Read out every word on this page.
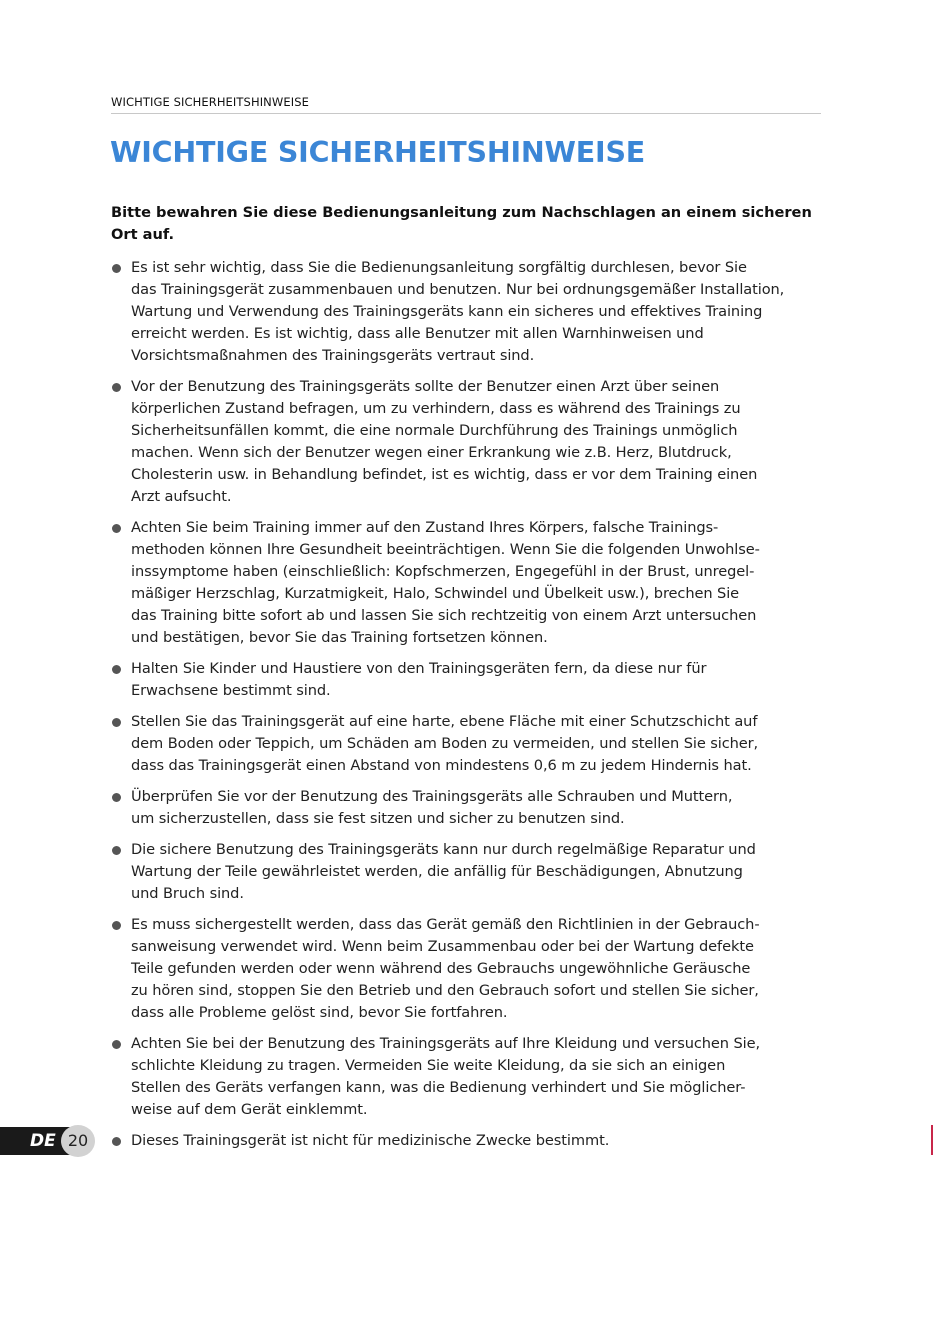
WICHTIGE SICHERHEITSHINWEISE
WICHTIGE SICHERHEITSHINWEISE

Bitte bewahren Sie diese Bedienungsanleitung zum Nachschlagen an einem sicheren
Ort auf.

Es ist sehr wichtig, dass Sie die Bedienungsanleitung sorgfältig durchlesen, bevor Sie
das Trainingsgerät zusammenbauen und benutzen. Nur bei ordnungsgemäßer Installation,
Wartung und Verwendung des Trainingsgeräts kann ein sicheres und effektives Training
erreicht werden. Es ist wichtig, dass alle Benutzer mit allen Warnhinweisen und
Vorsichtsmaßnahmen des Trainingsgeräts vertraut sind.
Vor der Benutzung des Trainingsgeräts sollte der Benutzer einen Arzt über seinen
körperlichen Zustand befragen, um zu verhindern, dass es während des Trainings zu
Sicherheitsunfällen kommt, die eine normale Durchführung des Trainings unmöglich
machen. Wenn sich der Benutzer wegen einer Erkrankung wie z.B. Herz, Blutdruck,
Cholesterin usw. in Behandlung befindet, ist es wichtig, dass er vor dem Training einen
Arzt aufsucht.
Achten Sie beim Training immer auf den Zustand Ihres Körpers, falsche Trainings-
methoden können Ihre Gesundheit beeinträchtigen. Wenn Sie die folgenden Unwohlse-
inssymptome haben (einschließlich: Kopfschmerzen, Engegefühl in der Brust, unregel-
mäßiger Herzschlag, Kurzatmigkeit, Halo, Schwindel und Übelkeit usw.), brechen Sie
das Training bitte sofort ab und lassen Sie sich rechtzeitig von einem Arzt untersuchen
und bestätigen, bevor Sie das Training fortsetzen können.
Halten Sie Kinder und Haustiere von den Trainingsgeräten fern, da diese nur für
Erwachsene bestimmt sind.
Stellen Sie das Trainingsgerät auf eine harte, ebene Fläche mit einer Schutzschicht auf
dem Boden oder Teppich, um Schäden am Boden zu vermeiden, und stellen Sie sicher,
dass das Trainingsgerät einen Abstand von mindestens 0,6 m zu jedem Hindernis hat.
Überprüfen Sie vor der Benutzung des Trainingsgeräts alle Schrauben und Muttern,
um sicherzustellen, dass sie fest sitzen und sicher zu benutzen sind.
Die sichere Benutzung des Trainingsgeräts kann nur durch regelmäßige Reparatur und
Wartung der Teile gewährleistet werden, die anfällig für Beschädigungen, Abnutzung
und Bruch sind.
Es muss sichergestellt werden, dass das Gerät gemäß den Richtlinien in der Gebrauch-
sanweisung verwendet wird. Wenn beim Zusammenbau oder bei der Wartung defekte
Teile gefunden werden oder wenn während des Gebrauchs ungewöhnliche Geräusche
zu hören sind, stoppen Sie den Betrieb und den Gebrauch sofort und stellen Sie sicher,
dass alle Probleme gelöst sind, bevor Sie fortfahren.
Achten Sie bei der Benutzung des Trainingsgeräts auf Ihre Kleidung und versuchen Sie,
schlichte Kleidung zu tragen. Vermeiden Sie weite Kleidung, da sie sich an einigen
Stellen des Geräts verfangen kann, was die Bedienung verhindert und Sie möglicher-
weise auf dem Gerät einklemmt.
Dieses Trainingsgerät ist nicht für medizinische Zwecke bestimmt.
DE 20
